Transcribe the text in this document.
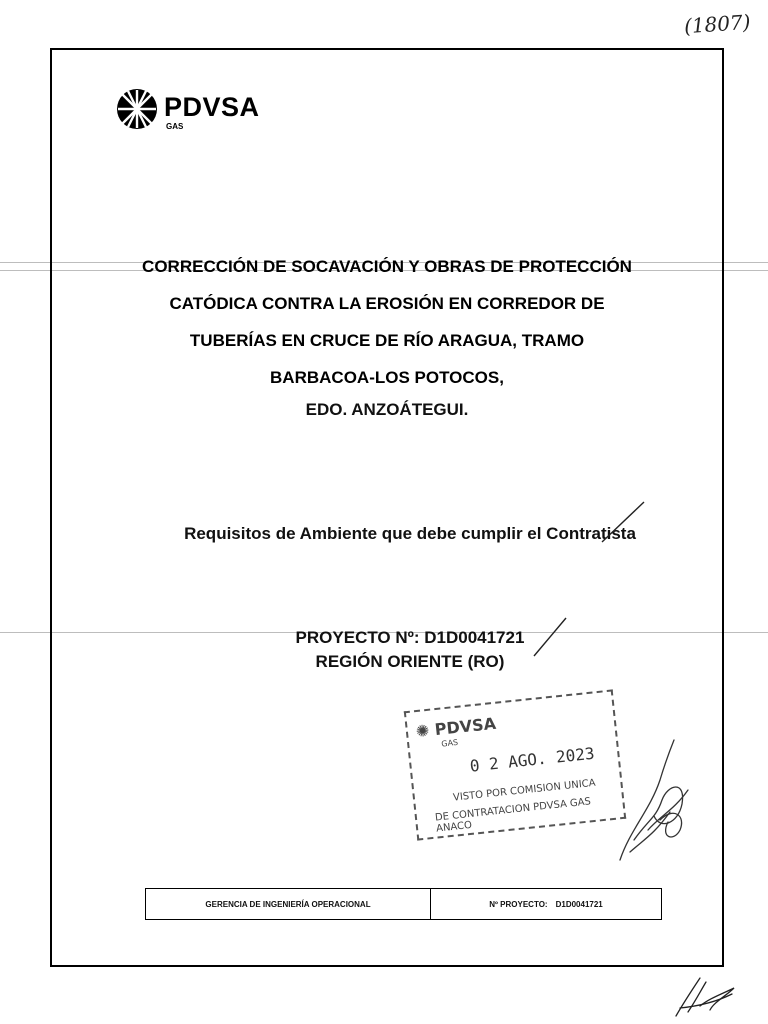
(1807)
PDVSA
GAS
CORRECCIÓN DE SOCAVACIÓN Y OBRAS DE PROTECCIÓN
CATÓDICA CONTRA LA EROSIÓN EN CORREDOR DE
TUBERÍAS EN CRUCE DE RÍO ARAGUA, TRAMO
BARBACOA-LOS POTOCOS,
EDO. ANZOÁTEGUI.
Requisitos de Ambiente que debe cumplir el Contratista
PROYECTO Nº: D1D0041721
REGIÓN ORIENTE (RO)
✺ PDVSA
GAS
0 2 AGO. 2023
VISTO POR COMISION UNICA
DE CONTRATACION PDVSA GAS ANACO
GERENCIA DE INGENIERÍA OPERACIONAL	Nº PROYECTO: D1D0041721
